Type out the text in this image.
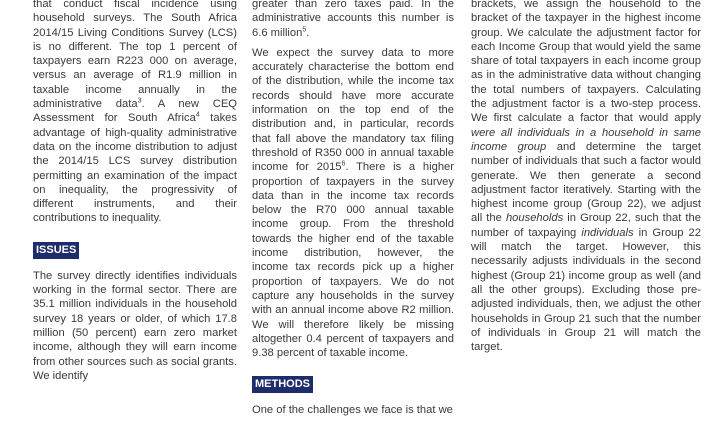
that conduct fiscal incidence using household surveys. The South Africa 2014/15 Living Conditions Survey (LCS) is no different. The top 1 percent of taxpayers earn R223 000 on average, versus an average of R1.9 million in taxable income annually in the administrative data$^3$. A new CEQ Assessment for South Africa$^4$ takes advantage of high-quality administrative data on the income distribution to adjust the 2014/15 LCS survey distribution permitting an examination of the impact on inequality, the progressivity of different instruments, and their contributions to inequality.

ISSUES

The survey directly identifies individuals working in the formal sector. There are 35.1 million individuals in the household survey 18 years or older, of which 17.8 million (50 percent) earn zero market income, although they will earn income from other sources such as social grants. We identify

greater than zero taxes paid. In the administrative accounts this number is 6.6 million$^5$.

We expect the survey data to more accurately characterise the bottom end of the distribution, while the income tax records should have more accurate information on the top end of the distribution and, in particular, records that fall above the mandatory tax filing threshold of R350 000 in annual taxable income for 2015$^6$. There is a higher proportion of taxpayers in the survey data than in the income tax records below the R70 000 annual taxable income group. From the threshold towards the higher end of the taxable income distribution, however, the income tax records pick up a higher proportion of taxpayers. We do not capture any households in the survey with an annual income above R2 million. We will therefore likely be missing altogether 0.4 percent of taxpayers and 9.38 percent of taxable income.

METHODS

One of the challenges we face is that we

brackets, we assign the household to the bracket of the taxpayer in the highest income group. We calculate the adjustment factor for each Income Group that would yield the same share of total taxpayers in each income group as in the administrative data without changing the total numbers of taxpayers. Calculating the adjustment factor is a two-step process. We first calculate a factor that would apply were all individuals in a household in same income group and determine the target number of individuals that such a factor would generate. We then generate a second adjustment factor iteratively. Starting with the highest income group (Group 22), we adjust all the households in Group 22, such that the number of taxpaying individuals in Group 22 will match the target. However, this necessarily adjusts individuals in the second highest (Group 21) income group as well (and all the other groups). Excluding those pre-adjusted individuals, then, we adjust the other households in Group 21 such that the number of individuals in Group 21 will match the target.
